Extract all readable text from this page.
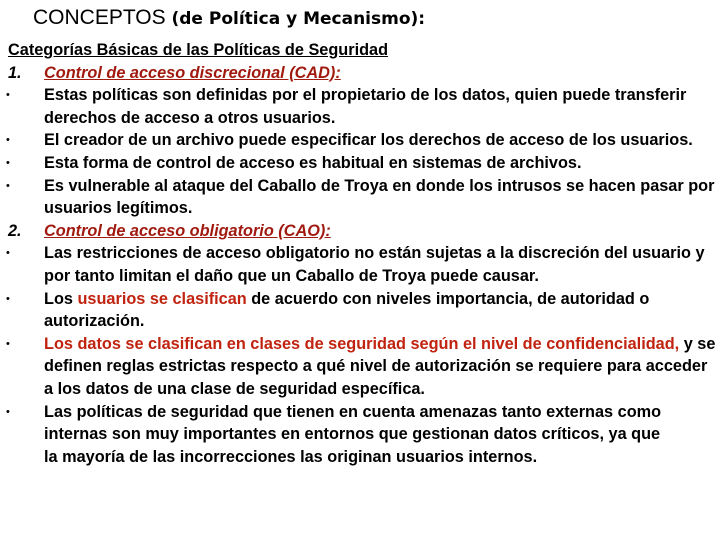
CONCEPTOS (de Política y Mecanismo):
Categorías Básicas de las Políticas de Seguridad
1. Control de acceso discrecional (CAD):
• Estas políticas son definidas por el propietario de los datos, quien puede transferir derechos de acceso a otros usuarios.
• El creador de un archivo puede especificar los derechos de acceso de los usuarios.
• Esta forma de control de acceso es habitual en sistemas de archivos.
• Es vulnerable al ataque del Caballo de Troya en donde los intrusos se hacen pasar por usuarios legítimos.
2. Control de acceso obligatorio (CAO):
• Las restricciones de acceso obligatorio no están sujetas a la discreción del usuario y por tanto limitan el daño que un Caballo de Troya puede causar.
• Los usuarios se clasifican de acuerdo con niveles importancia, de autoridad o autorización.
• Los datos se clasifican en clases de seguridad según el nivel de confidencialidad, y se definen reglas estrictas respecto a qué nivel de autorización se requiere para acceder a los datos de una clase de seguridad específica.
• Las políticas de seguridad que tienen en cuenta amenazas tanto externas como
internas son muy importantes en entornos que gestionan datos críticos, ya que
la mayoría de las incorrecciones las originan usuarios internos.
